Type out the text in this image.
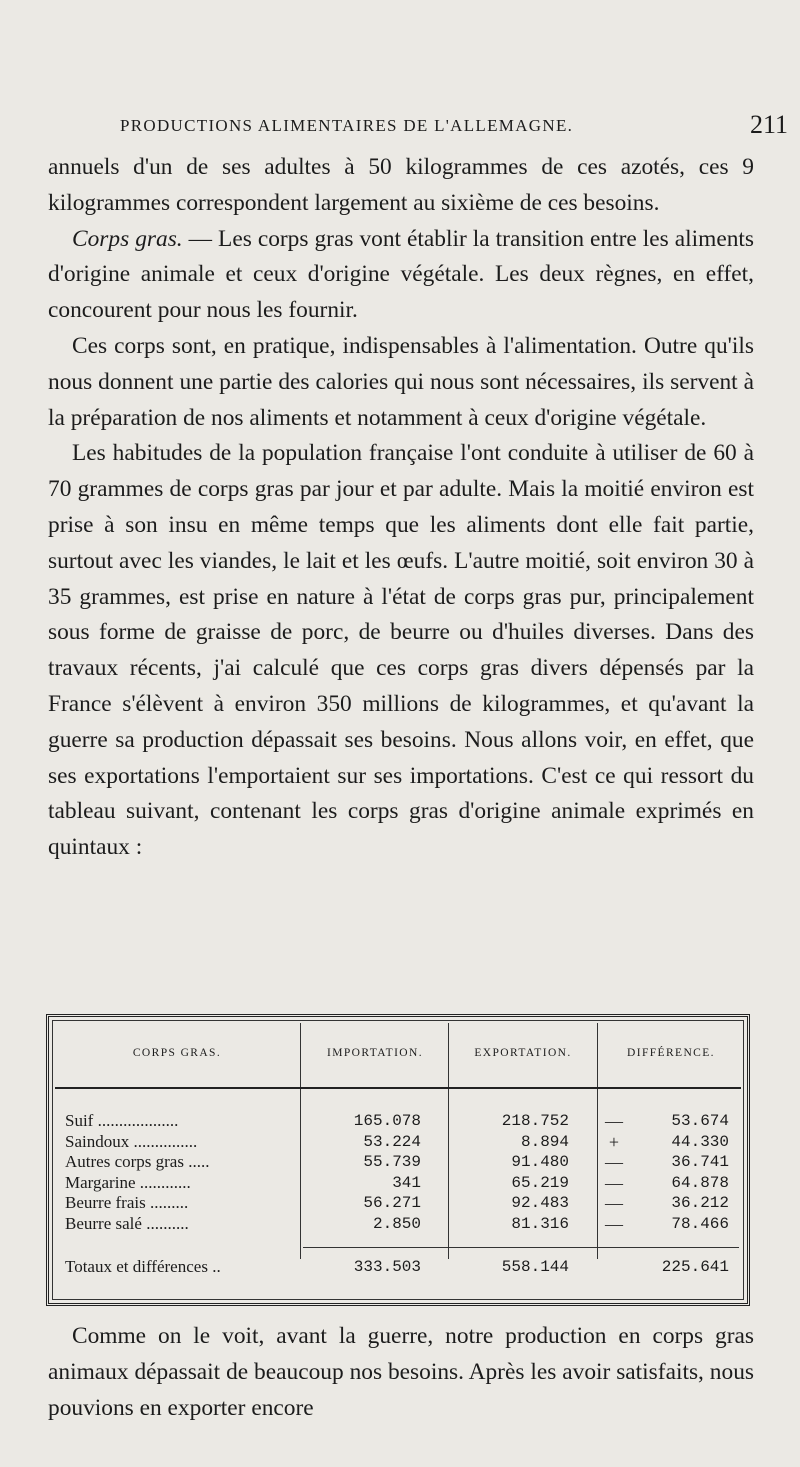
PRODUCTIONS ALIMENTAIRES DE L'ALLEMAGNE.	211

annuels d'un de ses adultes à 50 kilogrammes de ces azotés, ces 9 kilogrammes correspondent largement au sixième de ces besoins.

Corps gras. — Les corps gras vont établir la transition entre les aliments d'origine animale et ceux d'origine végétale. Les deux règnes, en effet, concourent pour nous les fournir.

Ces corps sont, en pratique, indispensables à l'alimentation. Outre qu'ils nous donnent une partie des calories qui nous sont nécessaires, ils servent à la préparation de nos aliments et notamment à ceux d'origine végétale.

Les habitudes de la population française l'ont conduite à utiliser de 60 à 70 grammes de corps gras par jour et par adulte. Mais la moitié environ est prise à son insu en même temps que les aliments dont elle fait partie, surtout avec les viandes, le lait et les œufs. L'autre moitié, soit environ 30 à 35 grammes, est prise en nature à l'état de corps gras pur, principalement sous forme de graisse de porc, de beurre ou d'huiles diverses. Dans des travaux récents, j'ai calculé que ces corps gras divers dépensés par la France s'élèvent à environ 350 millions de kilogrammes, et qu'avant la guerre sa production dépassait ses besoins. Nous allons voir, en effet, que ses exportations l'emportaient sur ses importations. C'est ce qui ressort du tableau suivant, contenant les corps gras d'origine animale exprimés en quintaux :

CORPS GRAS.	IMPORTATION.	EXPORTATION.	DIFFÉRENCE.
Suif ...................	165.078	218.752 —	53.674
Saindoux ...............	53.224	8.894 +	44.330
Autres corps gras .....	55.739	91.480 —	36.741
Margarine ............	341	65.219 —	64.878
Beurre frais .........	56.271	92.483 —	36.212
Beurre salé ..........	2.850	81.316 —	78.466
Totaux et différences ..	333.503	558.144	225.641

Comme on le voit, avant la guerre, notre production en corps gras animaux dépassait de beaucoup nos besoins. Après les avoir satisfaits, nous pouvions en exporter encore
